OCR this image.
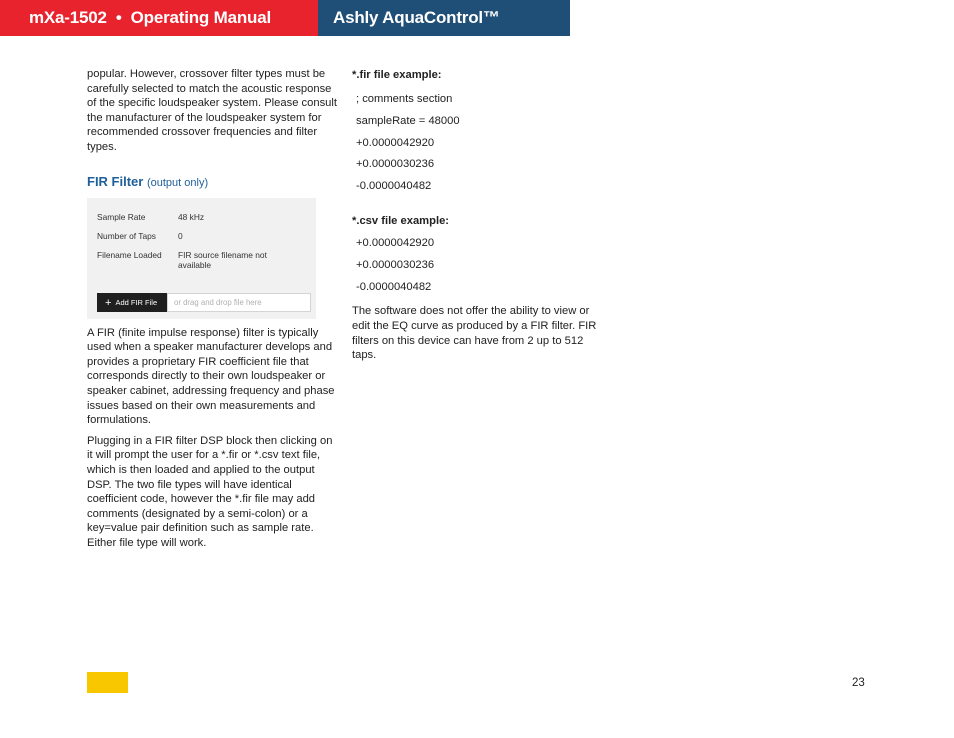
mXa-1502  •  Operating Manual	Ashly AquaControl™ Software

popular. However, crossover filter types must be carefully selected to match the acoustic response of the specific loudspeaker system. Please consult the manufacturer of the loudspeaker system for recommended crossover frequencies and filter types.

FIR Filter (output only)
Sample Rate	48 kHz
Number of Taps	0
Filename Loaded	FIR source filename not available
+ Add FIR File	or drag and drop file here

A FIR (finite impulse response) filter is typically used when a speaker manufacturer develops and provides a proprietary FIR coefficient file that corresponds directly to their own loudspeaker or speaker cabinet, addressing frequency and phase issues based on their own measurements and formulations.

Plugging in a FIR filter DSP block then clicking on it will prompt the user for a *.fir or *.csv text file, which is then loaded and applied to the output DSP. The two file types will have identical coefficient code, however the *.fir file may add comments (designated by a semi-colon) or a key=value pair definition such as sample rate. Either file type will work.

*.fir file example:

; comments section

sampleRate = 48000

+0.0000042920

+0.0000030236

-0.0000040482

*.csv file example:

+0.0000042920

+0.0000030236

-0.0000040482

The software does not offer the ability to view or edit the EQ curve as produced by a FIR filter. FIR filters on this device can have from 2 up to 512 taps.

23
